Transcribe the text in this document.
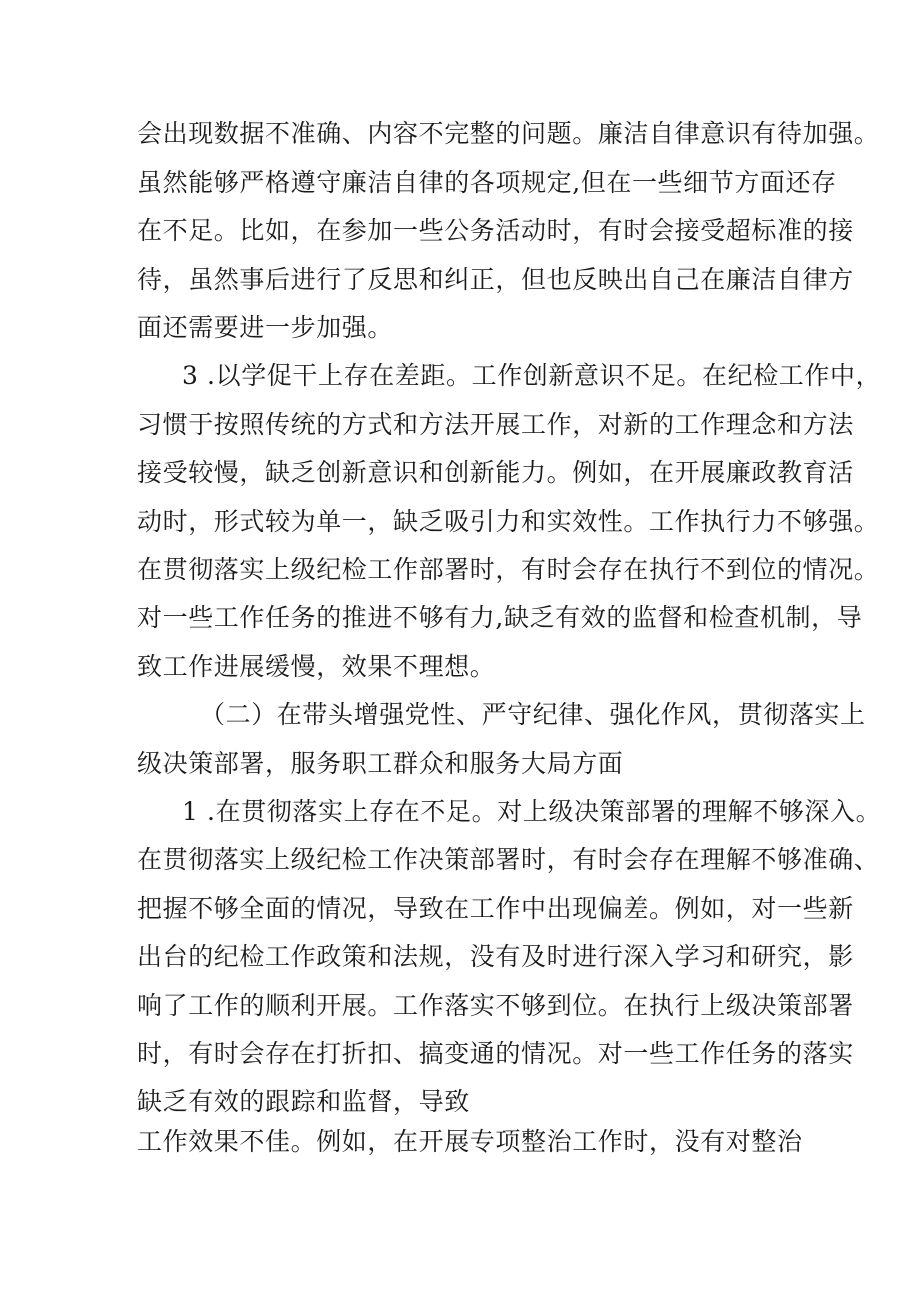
会出现数据不准确、内容不完整的问题。廉洁自律意识有待加强。
虽然能够严格遵守廉洁自律的各项规定,但在一些细节方面还存
在不足。比如，在参加一些公务活动时，有时会接受超标准的接
待，虽然事后进行了反思和纠正，但也反映出自己在廉洁自律方
面还需要进一步加强。
3 .以学促干上存在差距。工作创新意识不足。在纪检工作中，
习惯于按照传统的方式和方法开展工作，对新的工作理念和方法
接受较慢，缺乏创新意识和创新能力。例如，在开展廉政教育活
动时，形式较为单一，缺乏吸引力和实效性。工作执行力不够强。
在贯彻落实上级纪检工作部署时，有时会存在执行不到位的情况。
对一些工作任务的推进不够有力,缺乏有效的监督和检查机制，导
致工作进展缓慢，效果不理想。
（二）在带头增强党性、严守纪律、强化作风，贯彻落实上
级决策部署，服务职工群众和服务大局方面
1 .在贯彻落实上存在不足。对上级决策部署的理解不够深入。
在贯彻落实上级纪检工作决策部署时，有时会存在理解不够准确、
把握不够全面的情况，导致在工作中出现偏差。例如，对一些新
出台的纪检工作政策和法规，没有及时进行深入学习和研究，影
响了工作的顺利开展。工作落实不够到位。在执行上级决策部署
时，有时会存在打折扣、搞变通的情况。对一些工作任务的落实
缺乏有效的跟踪和监督，导致
工作效果不佳。例如，在开展专项整治工作时，没有对整治
